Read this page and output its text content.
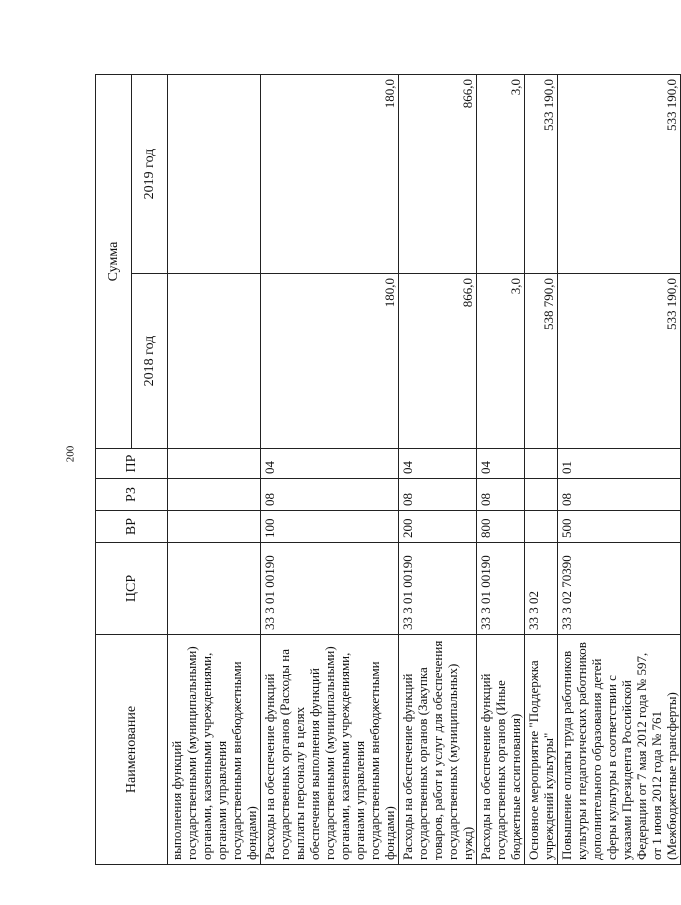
200
Наименование	ЦСР	ВР	РЗ	ПР	Сумма	
					2018 год	2019 год
выполнения функций государственными (муниципальными) органами, казенными учреждениями, органами управления государственными внебюджетными фондами)						
Расходы на обеспечение функций государственных органов (Расходы на выплаты персоналу в целях обеспечения выполнения функций государственными (муниципальными) органами, казенными учреждениями, органами управления государственными внебюджетными фондами)	33 3 01 00190	100	08	04	180,0	180,0
Расходы на обеспечение функций государственных органов (Закупка товаров, работ и услуг для обеспечения государственных (муниципальных) нужд)	33 3 01 00190	200	08	04	866,0	866,0
Расходы на обеспечение функций государственных органов (Иные бюджетные ассигнования)	33 3 01 00190	800	08	04	3,0	3,0
Основное мероприятие "Поддержка учреждений культуры"	33 3 02				538 790,0	533 190,0
Повышение оплаты труда работников культуры и педагогических работников дополнительного образования детей сферы культуры в соответствии с указами Президента Российской Федерации от 7 мая 2012 года № 597, от 1 июня 2012 года № 761 (Межбюджетные трансферты)	33 3 02 70390	500	08	01	533 190,0	533 190,0
